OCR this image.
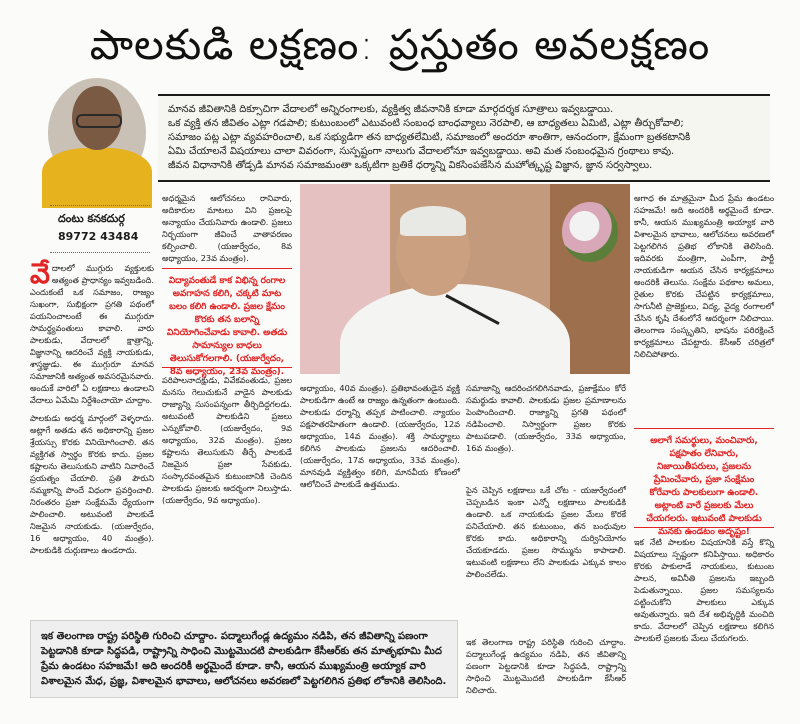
పాలకుడి లక్షణం: ప్రస్తుతం అవలక్షణం

మానవ జీవితానికి దిక్సూచిగా వేదాలలో అన్నిరంగాలకు, వ్యక్తిత్వ జీవనానికి కూడా మార్గదర్శక సూత్రాలు ఇవ్వబడ్డాయి.

ఒక వ్యక్తి తన జీవితం ఎట్లా గడపాలి; కుటుంబంలో ఎటువంటి సంబంధ బాంధవ్యాలు నెరపాలి, ఆ బాధ్యతలు ఏమిటి, ఎట్లా తీర్చుకోవాలి;

సమాజం పట్ల ఎట్లా వ్యవహరించాలి, ఒక సభ్యుడిగా తన బాధ్యతలేమిటి, సమాజంలో అందరూ శాంతిగా, ఆనందంగా, క్షేమంగా బ్రతకటానికి

ఏమి చేయాలనే విషయాలు చాలా వివరంగా, సుస్పష్టంగా నాలుగు వేదాలలోనూ ఇవ్వబడ్డాయి. అవి మత సంబంధమైన గ్రంథాలు కావు.

జీవన విధానానికి తోడ్పడి మానవ సమాజమంతా ఒక్కటిగా బ్రతికే ధర్మాన్ని వికసింపజేసిన మహోత్కృష్ట విజ్ఞాన, జ్ఞాన సర్వస్వాలు.

దంటు కనకదుర్గ
89772 43484

వేదాలలో ముగ్గురు వ్యక్తులకు అత్యంత ప్రాధాన్యం ఇవ్వబడింది. ఎందుకంటే ఒక సమాజం, రాజ్యం సుఖంగా, సుభిక్షంగా ప్రగతి పథంలో పయనించాలంటే ఈ ముగ్గురూ సామర్థ్యవంతులు కావాలి. వారు పాలకుడు, వేదాలలో క్షాత్రాన్ని, విజ్ఞానాన్ని ఆదరించే వ్యక్తి నాయకుడు, శాస్త్రజ్ఞుడు. ఈ ముగ్గురూ మానవ సమాజానికి అత్యంత అవసరమైనవారు. అందుకే వారిలో ఏ లక్షణాలు ఉండాలని వేదాలు ఏమేమి నిర్దేశించాయో చూద్దాం.

పాలకుడు అధర్మ మార్గంలో వెళ్ళరాదు. అట్లాగే అతడు తన అధికారాన్ని ప్రజల శ్రేయస్సు కొరకు వినియోగించాలి. తన వ్యక్తిగత స్వార్థం కొరకు కాదు. ప్రజల కష్టాలను తెలుసుకుని వాటిని నివారించే ప్రయత్నం చేయాలి. ప్రతి పౌరుని నమ్మకాన్ని పొందే విధంగా ప్రవర్తించాలి. నిరంతరం ప్రజా సంక్షేమమే ధ్యేయంగా పాలించాలి. అటువంటి పాలకుడే నిజమైన నాయకుడు. (యజుర్వేదం, 16 అధ్యాయం, 40 మంత్రం). పాలకుడికి దుర్గుణాలు ఉండరాదు.

అధర్మమైన ఆలోచనలు రానివారు, అదికారుల మాటలు విని ప్రజలపై అన్యాయం చేయనివారు ఉండాలి. ప్రజలు నిర్భయంగా జీవించే వాతావరణం కల్పించాలి. (యజుర్వేదం, 8వ అధ్యాయం, 23వ మంత్రం).

విద్యావంతుడే కాక విభిన్న రంగాల అవగాహన కలిగి, చక్కటి మాట బలం కలిగి ఉండాలి. ప్రజల క్షేమం కొరకు తన బలాన్ని వినియోగించేవాడు కావాలి. అతడు సామాన్యుల బాధలు తెలుసుకోగలగాలి. (యజుర్వేదం, 8వ అధ్యాయం, 23వ మంత్రం).

పరిపాలనాదక్షుడు, వివేకవంతుడు, ప్రజల మనసు గెలుచుకునే వాడైన పాలకుడు రాజ్యాన్ని సుసంపన్నంగా తీర్చిదిద్దగలడు. అటువంటి పాలకుడిని ప్రజలు ఎన్నుకోవాలి. (యజుర్వేదం, 9వ అధ్యాయం, 32వ మంత్రం). ప్రజల కష్టాలను తెలుసుకుని తీర్చే పాలకుడే నిజమైన ప్రజా సేవకుడు. సంస్కారవంతమైన కుటుంబానికి చెందిన పాలకుడు ప్రజలకు ఆదర్శంగా నిలుస్తాడు. (యజుర్వేదం, 9వ అధ్యాయం).

అధ్యాయం, 40వ మంత్రం). ప్రతిభావంతుడైన వ్యక్తి పాలకుడిగా ఉంటే ఆ రాజ్యం ఉన్నతంగా ఉంటుంది. పాలకుడు ధర్మాన్ని తప్పక పాటించాలి. న్యాయం పక్షపాతరహితంగా ఉండాలి. (యజుర్వేదం, 12వ అధ్యాయం, 14వ మంత్రం). శక్తి సామర్థ్యాలు కలిగిన పాలకుడు ప్రజలను ఆదరించాలి. (యజుర్వేదం, 17వ అధ్యాయం, 33వ మంత్రం). మానవుడి వ్యక్తిత్వం కలిగి, మానవీయ కోణంలో ఆలోచించే పాలకుడే ఉత్తముడు.

సమాజాన్ని ఆదరించగలిగినవాడు, ప్రజాక్షేమం కోరే సమర్థుడు కావాలి. పాలకుడు ప్రజల ప్రమాణాలను పెంపొందించాలి. రాజ్యాన్ని ప్రగతి పథంలో నడిపించాలి. నిస్వార్థంగా ప్రజల కొరకు పాటుపడాలి. (యజుర్వేదం, 33వ అధ్యాయం, 16వ మంత్రం).

పైన చెప్పిన లక్షణాలు ఒకే చోట - యజుర్వేదంలో చెప్పబడిన ఇంకా ఎన్నో లక్షణాలు పాలకుడికి ఉండాలి. ఒక నాయకుడు ప్రజల మేలు కొరకే పనిచేయాలి. తన కుటుంబం, తన బంధువుల కొరకు కాదు. అధికారాన్ని దుర్వినియోగం చేయకూడదు. ప్రజల సొమ్మును కాపాడాలి. ఇటువంటి లక్షణాలు లేని పాలకుడు ఎక్కువ కాలం పాలించలేడు.

ఇక తెలంగాణ రాష్ట్ర పరిస్థితి గురించి చూద్దాం. పద్మాలుగేండ్ల ఉద్యమం నడిపి, తన జీవితాన్ని పణంగా పెట్టడానికి కూడా సిద్ధపడి, రాష్ట్రాన్ని సాధించి మొట్టమొదటి పాలకుడిగా కేసీఆర్ నిలిచారు.

అగాధ ఈ మాత్రమైనా మీద ప్రేమ ఉండటం సహజమే! అది అందరికీ అర్థమైందే కూడా. కానీ, ఆయన ముఖ్యమంత్రి అయ్యాక వారి విశాలమైన భావాలు, ఆలోచనలు అవరణలో పెట్టగలిగిన ప్రతిభ లోకానికి తెలిసింది. ఇదివరకు మంత్రిగా, ఎంపీగా, పార్టీ నాయకుడిగా ఆయన చేసిన కార్యక్రమాలు అందరికీ తెలుసు. సంక్షేమ పథకాల అమలు, రైతుల కొరకు చేపట్టిన కార్యక్రమాలు, సాగునీటి ప్రాజెక్టులు, విద్య, వైద్య రంగాలలో చేసిన కృషి దేశంలోనే ఆదర్శంగా నిలిచాయి. తెలంగాణ సంస్కృతిని, భాషను పరిరక్షించే కార్యక్రమాలు చేపట్టారు. కేసీఆర్ చరిత్రలో నిలిచిపోతారు.

అలాగే సమర్థులు, మంచివారు, పక్షపాతం లేనివారు, నిజాయితీపరులు, ప్రజలను ప్రేమించేవారు, ప్రజా సంక్షేమం కోరేవారు పాలకులుగా ఉండాలి. అట్లాంటి వారే ప్రజలకు మేలు చేయగలరు. ఇటువంటి పాలకుడు మనకు ఉండటం అదృష్టం!

ఇక నేటి పాలకుల విషయానికి వస్తే కొన్ని విషయాలు స్పష్టంగా కనిపిస్తాయి. అధికారం కొరకు పాకులాడే నాయకులు, కుటుంబ పాలన, అవినీతి ప్రజలను ఇబ్బంది పెడుతున్నాయి. ప్రజల సమస్యలను పట్టించుకోని పాలకులు ఎక్కువ అవుతున్నారు. ఇది దేశ అభివృద్ధికి మంచిది కాదు. వేదాలలో చెప్పిన లక్షణాలు కలిగిన పాలకులే ప్రజలకు మేలు చేయగలరు.

ఇక తెలంగాణ రాష్ట్ర పరిస్థితి గురించి చూద్దాం. పద్మాలుగేండ్ల ఉద్యమం నడిపి, తన జీవితాన్ని పణంగా పెట్టడానికి కూడా సిద్ధపడి, రాష్ట్రాన్ని సాధించి మొట్టమొదటి పాలకుడిగా కేసీఆర్‌కు తన మాతృభూమి మీద ప్రేమ ఉండటం సహజమే! అది అందరికీ అర్థమైందే కూడా. కానీ, ఆయన ముఖ్యమంత్రి అయ్యాక వారి విశాలమైన మేధ, ప్రజ్ఞ, విశాలమైన భావాలు, ఆలోచనలు అవరణలో పెట్టగలిగిన ప్రతిభ లోకానికి తెలిసింది.
